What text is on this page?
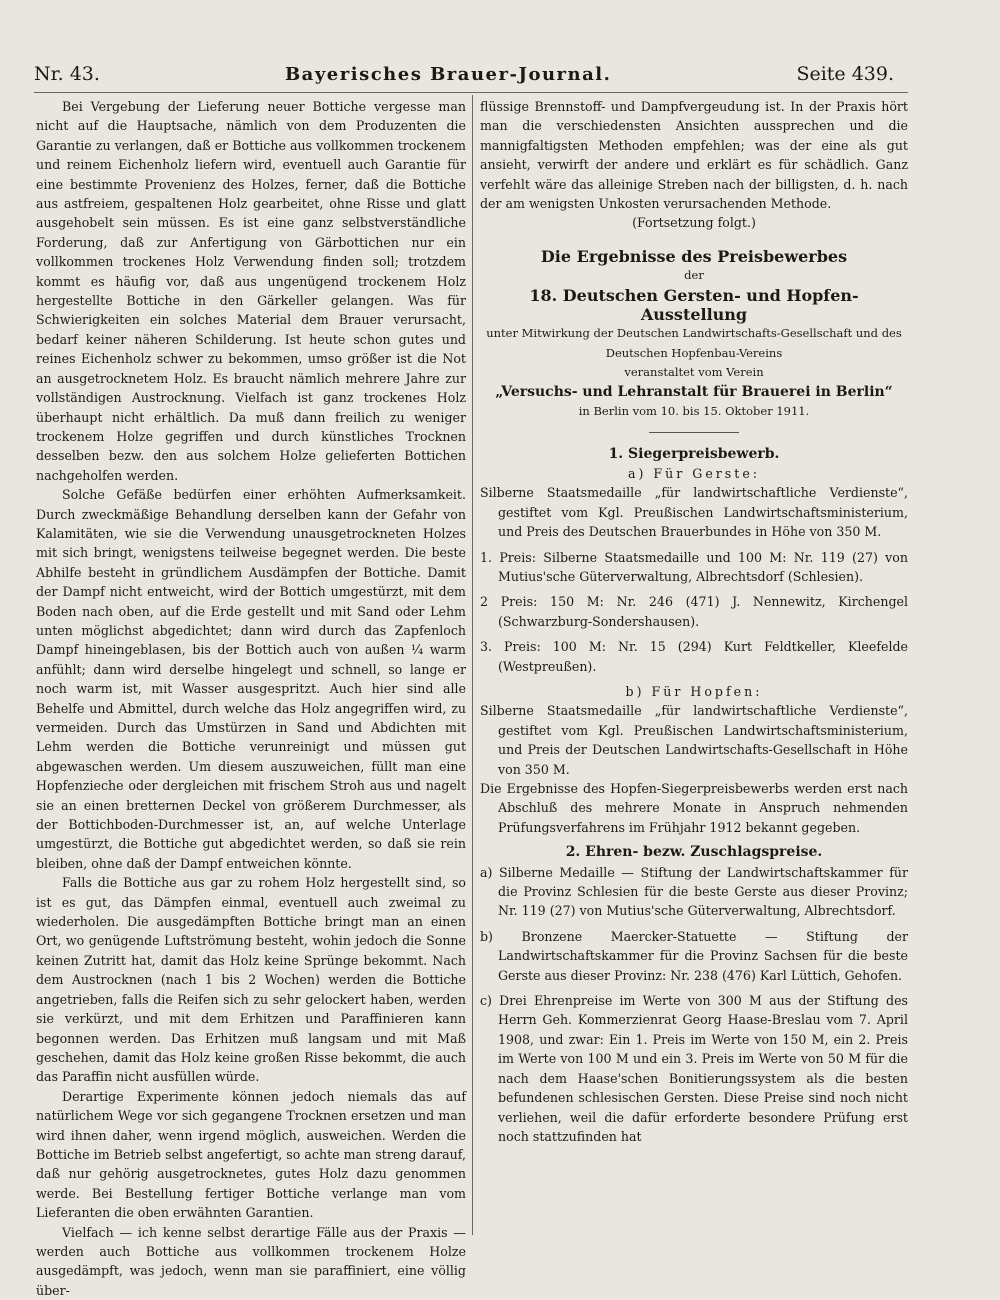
Nr. 43.	Bayerisches Brauer-Journal.	Seite 439.

Bei Vergebung der Lieferung neuer Bottiche vergesse man nicht auf die Hauptsache, nämlich von dem Produzenten die Garantie zu verlangen, daß er Bottiche aus vollkommen trockenem und reinem Eichenholz liefern wird, eventuell auch Garantie für eine bestimmte Provenienz des Holzes, ferner, daß die Bottiche aus astfreiem, gespaltenen Holz gearbeitet, ohne Risse und glatt ausgehobelt sein müssen. Es ist eine ganz selbstverständliche Forderung, daß zur Anfertigung von Gärbottichen nur ein vollkommen trockenes Holz Verwendung finden soll; trotzdem kommt es häufig vor, daß aus ungenügend trockenem Holz hergestellte Bottiche in den Gärkeller gelangen. Was für Schwierigkeiten ein solches Material dem Brauer verursacht, bedarf keiner näheren Schilderung. Ist heute schon gutes und reines Eichenholz schwer zu bekommen, umso größer ist die Not an ausgetrocknetem Holz. Es braucht nämlich mehrere Jahre zur vollständigen Austrocknung. Vielfach ist ganz trockenes Holz überhaupt nicht erhältlich. Da muß dann freilich zu weniger trockenem Holze gegriffen und durch künstliches Trocknen desselben bezw. den aus solchem Holze gelieferten Bottichen nachgeholfen werden.

Solche Gefäße bedürfen einer erhöhten Aufmerksamkeit. Durch zweckmäßige Behandlung derselben kann der Gefahr von Kalamitäten, wie sie die Verwendung unausgetrockneten Holzes mit sich bringt, wenigstens teilweise begegnet werden. Die beste Abhilfe besteht in gründlichem Ausdämpfen der Bottiche. Damit der Dampf nicht entweicht, wird der Bottich umgestürzt, mit dem Boden nach oben, auf die Erde gestellt und mit Sand oder Lehm unten möglichst abgedichtet; dann wird durch das Zapfenloch Dampf hineingeblasen, bis der Bottich auch von außen ¹⁄₄ warm anfühlt; dann wird derselbe hingelegt und schnell, so lange er noch warm ist, mit Wasser ausgespritzt. Auch hier sind alle Behelfe und Abmittel, durch welche das Holz angegriffen wird, zu vermeiden. Durch das Umstürzen in Sand und Abdichten mit Lehm werden die Bottiche verunreinigt und müssen gut abgewaschen werden. Um diesem auszuweichen, füllt man eine Hopfenzieche oder dergleichen mit frischem Stroh aus und nagelt sie an einen bretternen Deckel von größerem Durchmesser, als der Bottichboden-Durchmesser ist, an, auf welche Unterlage umgestürzt, die Bottiche gut abgedichtet werden, so daß sie rein bleiben, ohne daß der Dampf entweichen könnte.

Falls die Bottiche aus gar zu rohem Holz hergestellt sind, so ist es gut, das Dämpfen einmal, eventuell auch zweimal zu wiederholen. Die ausgedämpften Bottiche bringt man an einen Ort, wo genügende Luftströmung besteht, wohin jedoch die Sonne keinen Zutritt hat, damit das Holz keine Sprünge bekommt. Nach dem Austrocknen (nach 1 bis 2 Wochen) werden die Bottiche angetrieben, falls die Reifen sich zu sehr gelockert haben, werden sie verkürzt, und mit dem Erhitzen und Paraffinieren kann begonnen werden. Das Erhitzen muß langsam und mit Maß geschehen, damit das Holz keine großen Risse bekommt, die auch das Paraffin nicht ausfüllen würde.

Derartige Experimente können jedoch niemals das auf natürlichem Wege vor sich gegangene Trocknen ersetzen und man wird ihnen daher, wenn irgend möglich, ausweichen. Werden die Bottiche im Betrieb selbst angefertigt, so achte man streng darauf, daß nur gehörig ausgetrocknetes, gutes Holz dazu genommen werde. Bei Bestellung fertiger Bottiche verlange man vom Lieferanten die oben erwähnten Garantien.

Vielfach — ich kenne selbst derartige Fälle aus der Praxis — werden auch Bottiche aus vollkommen trockenem Holze ausgedämpft, was jedoch, wenn man sie paraffiniert, eine völlig über-

flüssige Brennstoff- und Dampfvergeudung ist. In der Praxis hört man die verschiedensten Ansichten aussprechen und die mannigfaltigsten Methoden empfehlen; was der eine als gut ansieht, verwirft der andere und erklärt es für schädlich. Ganz verfehlt wäre das alleinige Streben nach der billigsten, d. h. nach der am wenigsten Unkosten verursachenden Methode.

(Fortsetzung folgt.)

Die Ergebnisse des Preisbewerbes
der
18. Deutschen Gersten- und Hopfen-Ausstellung
unter Mitwirkung der Deutschen Landwirtschafts-Gesellschaft und des
Deutschen Hopfenbau-Vereins
veranstaltet vom Verein
„Versuchs- und Lehranstalt für Brauerei in Berlin“
in Berlin vom 10. bis 15. Oktober 1911.
1. Siegerpreisbewerb.
a) Für Gerste:

Silberne Staatsmedaille „für landwirtschaftliche Verdienste“, gestiftet vom Kgl. Preußischen Landwirtschaftsministerium, und Preis des Deutschen Brauerbundes in Höhe von 350 M.

1. Preis: Silberne Staatsmedaille und 100 M: Nr. 119 (27) von Mutius'sche Güterverwaltung, Albrechtsdorf (Schlesien).

2 Preis: 150 M: Nr. 246 (471) J. Nennewitz, Kirchengel (Schwarzburg-Sondershausen).

3. Preis: 100 M: Nr. 15 (294) Kurt Feldtkeller, Kleefelde (Westpreußen).

b) Für Hopfen:

Silberne Staatsmedaille „für landwirtschaftliche Verdienste“, gestiftet vom Kgl. Preußischen Landwirtschaftsministerium, und Preis der Deutschen Landwirtschafts-Gesellschaft in Höhe von 350 M.

Die Ergebnisse des Hopfen-Siegerpreisbewerbs werden erst nach Abschluß des mehrere Monate in Anspruch nehmenden Prüfungsverfahrens im Frühjahr 1912 bekannt gegeben.

2. Ehren- bezw. Zuschlagspreise.

a) Silberne Medaille — Stiftung der Landwirtschaftskammer für die Provinz Schlesien für die beste Gerste aus dieser Provinz; Nr. 119 (27) von Mutius'sche Güterverwaltung, Albrechtsdorf.

b) Bronzene Maercker-Statuette — Stiftung der Landwirtschaftskammer für die Provinz Sachsen für die beste Gerste aus dieser Provinz: Nr. 238 (476) Karl Lüttich, Gehofen.

c) Drei Ehrenpreise im Werte von 300 M aus der Stiftung des Herrn Geh. Kommerzienrat Georg Haase-Breslau vom 7. April 1908, und zwar: Ein 1. Preis im Werte von 150 M, ein 2. Preis im Werte von 100 M und ein 3. Preis im Werte von 50 M für die nach dem Haase'schen Bonitierungssystem als die besten befundenen schlesischen Gersten. Diese Preise sind noch nicht verliehen, weil die dafür erforderte besondere Prüfung erst noch stattzufinden hat
